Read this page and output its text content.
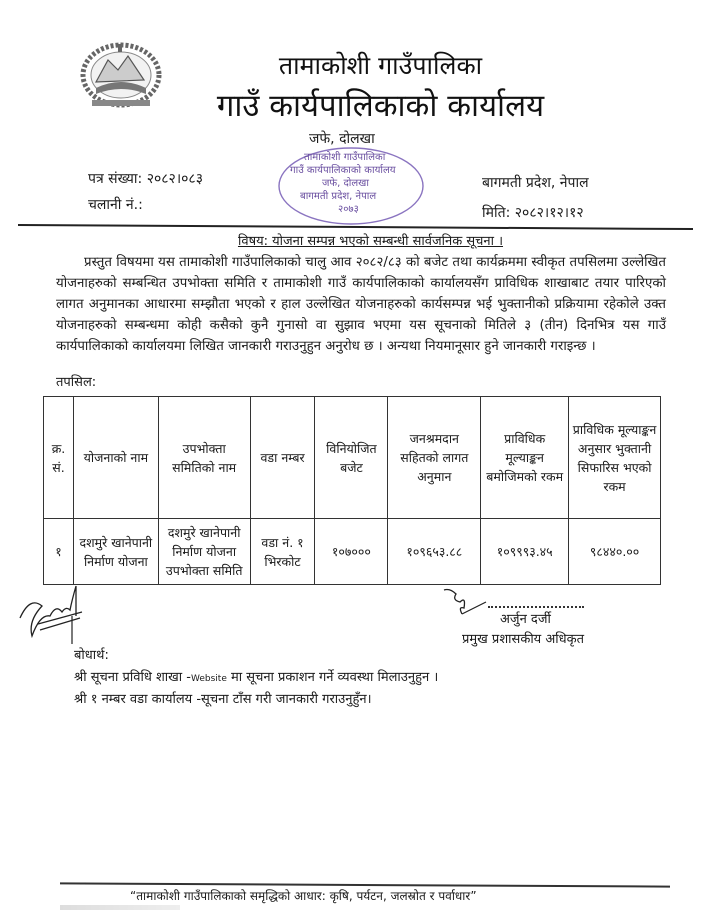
तामाकोशी गाउँपालिका
गाउँ कार्यपालिकाको कार्यालय
जफे, दोलखा
तामाकोशी गाउँपालिका
गाउँ कार्यपालिकाको कार्यालय
जफे, दोलखा
बागमती प्रदेश, नेपाल
२०७३
पत्र संख्या: २०८२।०८३
चलानी नं.:
बागमती प्रदेश, नेपाल
मिति: २०८२।१२।१२
विषय: योजना सम्पन्न भएको सम्बन्धी सार्वजनिक सूचना ।
प्रस्तुत विषयमा यस तामाकोशी गाउँपालिकाको चालु आव २०८२/८३ को बजेट तथा कार्यक्रममा स्वीकृत तपसिलमा उल्लेखित योजनाहरुको सम्बन्धित उपभोक्ता समिति र तामाकोशी गाउँ कार्यपालिकाको कार्यालयसँग प्राविधिक शाखाबाट तयार पारिएको लागत अनुमानका आधारमा सम्झौता भएको र हाल उल्लेखित योजनाहरुको कार्यसम्पन्न भई भुक्तानीको प्रक्रियामा रहेकोले उक्त योजनाहरुको सम्बन्धमा कोही कसैको कुनै गुनासो वा सुझाव भएमा यस सूचनाको मितिले ३ (तीन) दिनभित्र यस गाउँ कार्यपालिकाको कार्यालयमा लिखित जानकारी गराउनुहुन अनुरोध छ । अन्यथा नियमानूसार हुने जानकारी गराइन्छ ।
तपसिल:
क्र.सं.	योजनाको नाम	उपभोक्ता समितिको नाम	वडा नम्बर	विनियोजित बजेट	जनश्रमदान सहितको लागत अनुमान	प्राविधिक मूल्याङ्कन बमोजिमको रकम	प्राविधिक मूल्याङ्कन अनुसार भुक्तानी सिफारिस भएको रकम
१	दशमुरे खानेपानी निर्माण योजना	दशमुरे खानेपानी निर्माण योजना उपभोक्ता समिति	वडा नं. १ भिरकोट	१०७०००	१०९६५३.८८	१०९९९३.४५	९८४४०.००
अर्जुन दर्जी
प्रमुख प्रशासकीय अधिकृत
बोधार्थ:
श्री सूचना प्रविधि शाखा -Website मा सूचना प्रकाशन गर्ने व्यवस्था मिलाउनुहुन ।
श्री १ नम्बर वडा कार्यालय -सूचना टाँस गरी जानकारी गराउनुहुँन।
“तामाकोशी गाउँपालिकाको समृद्धिको आधार: कृषि, पर्यटन, जलस्रोत र पर्वाधार”
